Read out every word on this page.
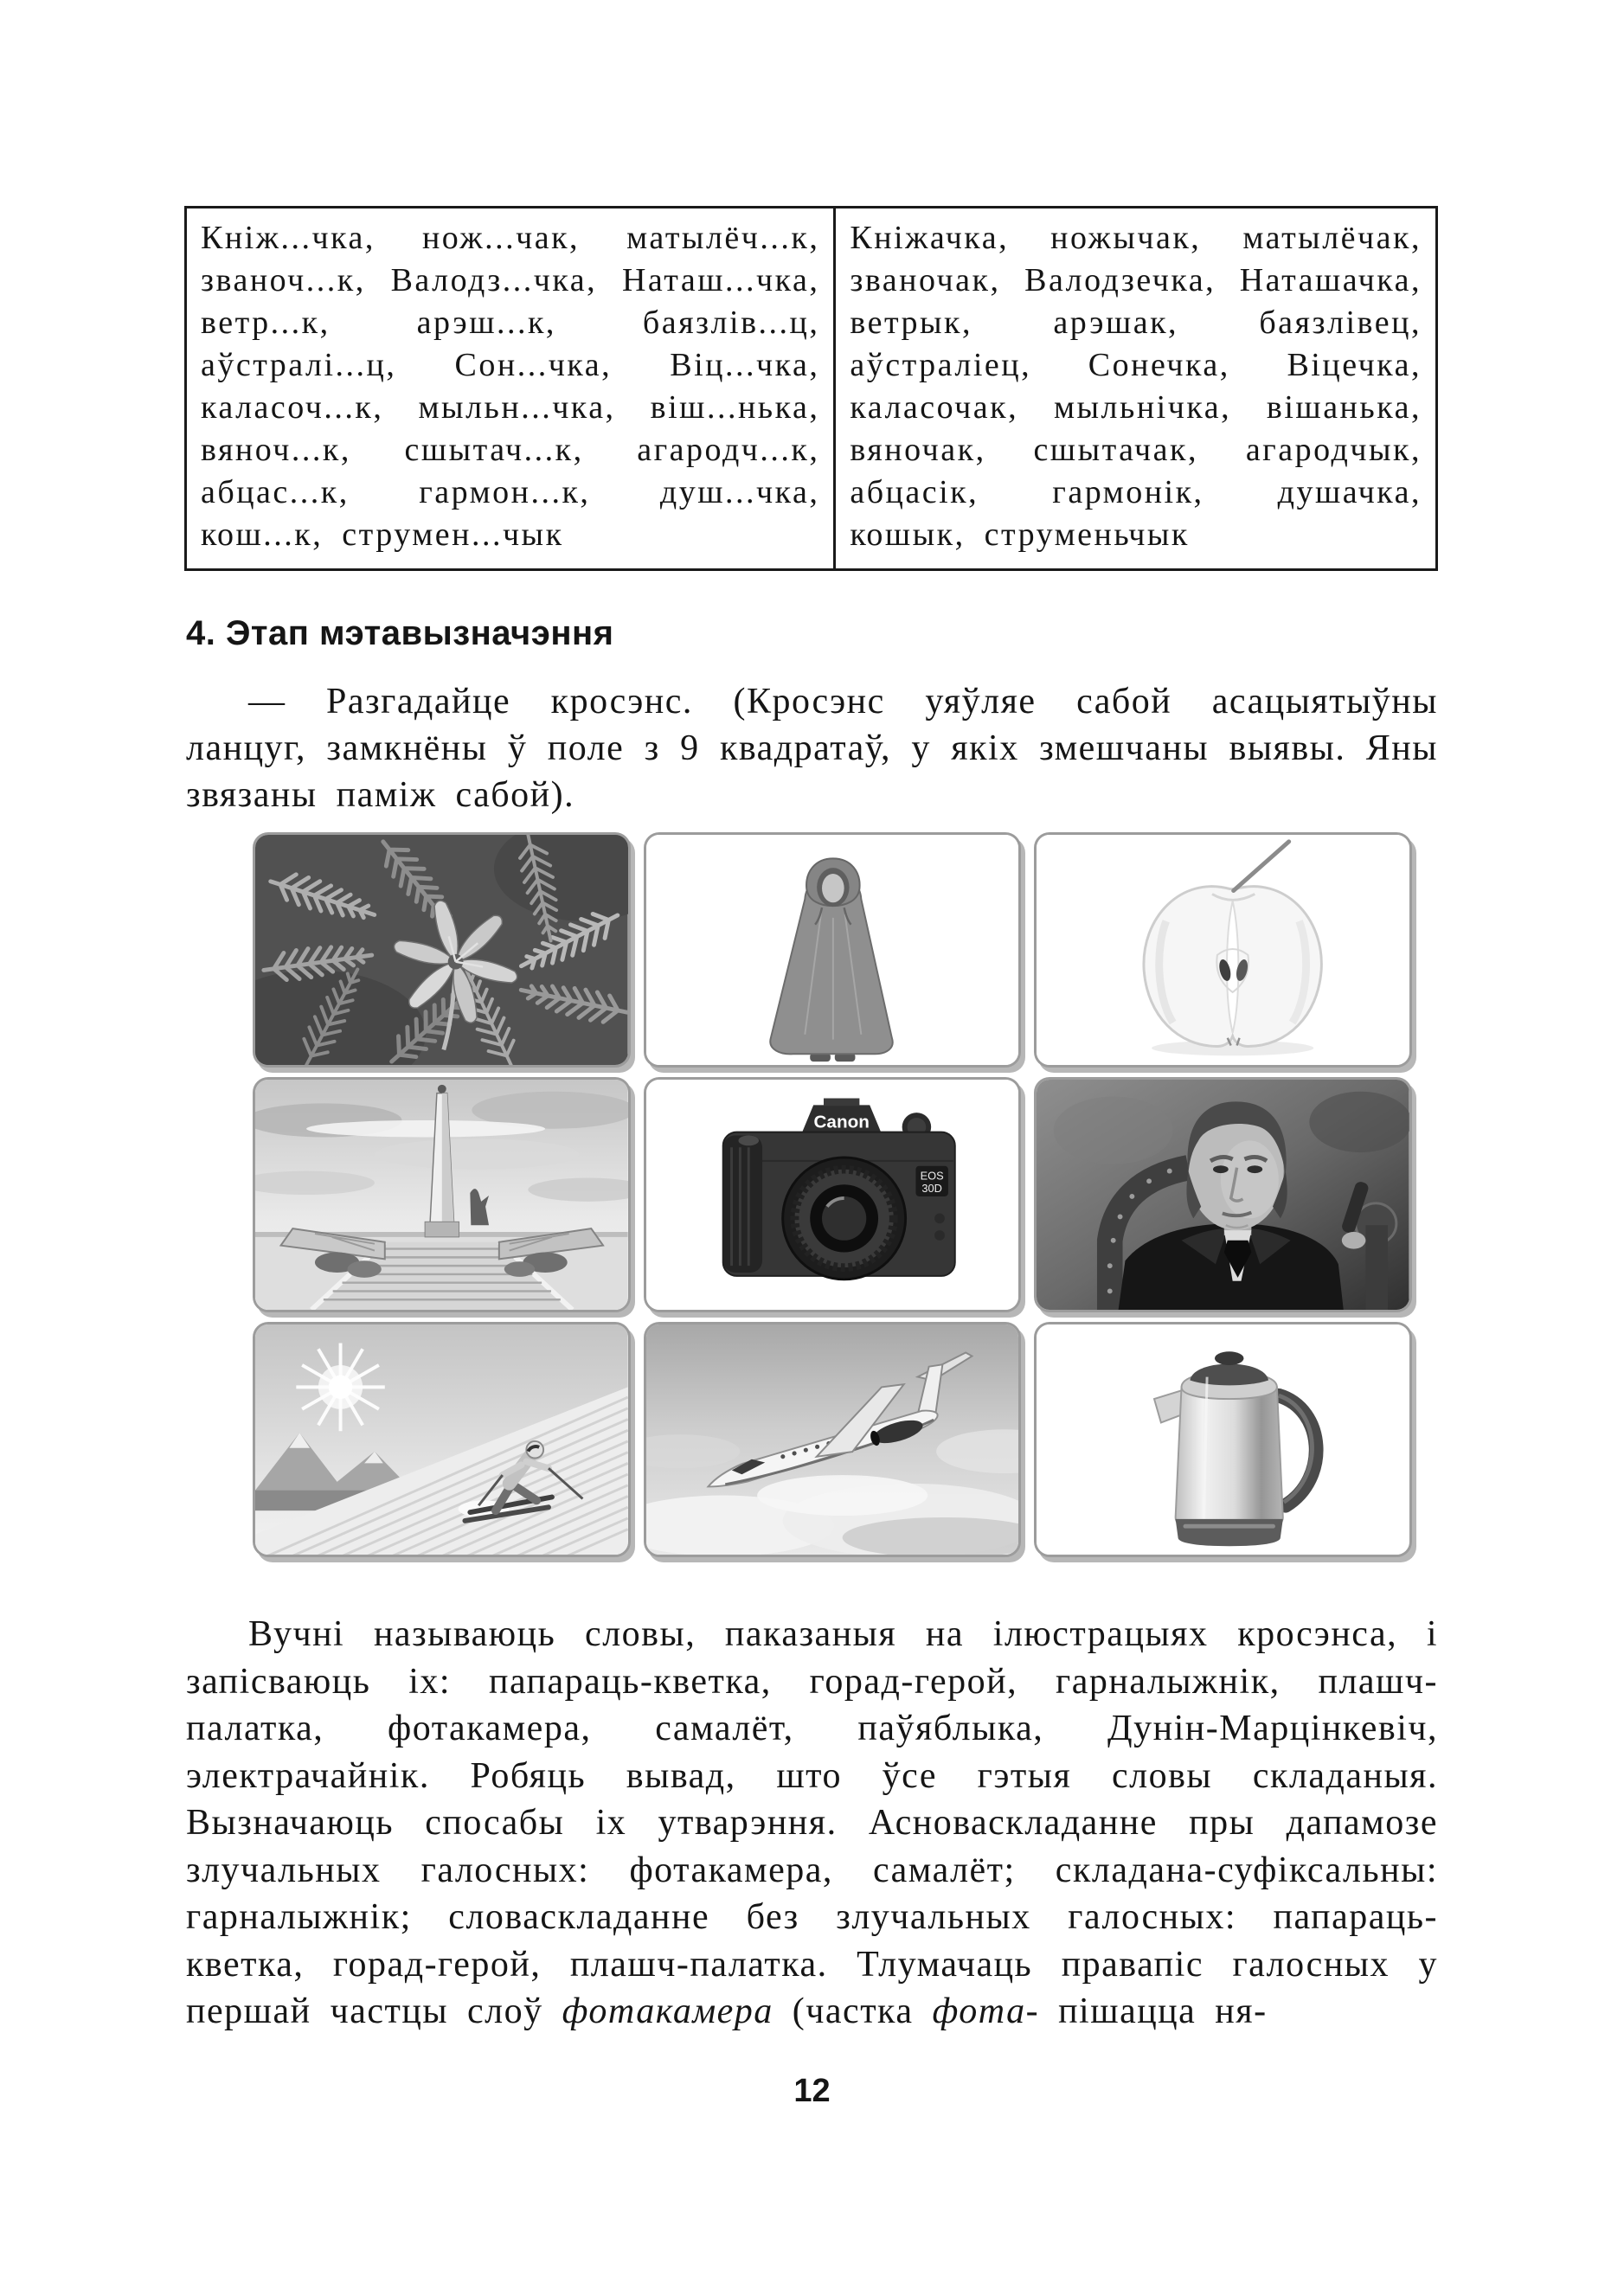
Кніж...чка, нож...чак, матылёч...к, званоч...к, Валодз...чка, Наташ...чка, ветр...к, арэш...к, баязлів...ц, аўстралі...ц, Сон...чка, Віц...чка, каласоч...к, мыльн...чка, віш...нька, вяноч...к, сшытач...к, агародч...к, абцас...к, гармон...к, душ...чка, кош...к, струмен...чык
Кніжачка, ножычак, матылёчак, званочак, Валодзечка, Наташачка, ветрык, арэшак, баязлівец, аўстраліец, Сонечка, Віцечка, каласочак, мыльнічка, вішанька, вяночак, сшытачак, агародчык, абцасік, гармонік, душачка, кошык, струменьчык
4. Этап мэтавызначэння
— Разгадайце кросэнс. (Кросэнс уяўляе сабой асацыятыўны ланцуг, замкнёны ў поле з 9 квадратаў, у якіх змешчаны выявы. Яны звязаны паміж сабой).
Canon
EOS
30D
Вучні называюць словы, паказаныя на ілюстрацыях кросэнса, і запісваюць іх: папараць-кветка, горад-герой, гарналыжнік, плашч-палатка, фотакамера, самалёт, паўяблыка, Дунін-Марцінкевіч, электрачайнік. Робяць вывад, што ўсе гэтыя словы складаныя. Вызначаюць спосабы іх утварэння. Асноваскладанне пры дапамозе злучальных галосных: фотакамера, самалёт; складана-суфіксальны: гарналыжнік; словаскладанне без злучальных галосных: папараць-кветка, горад-герой, плашч-палатка. Тлумачаць правапіс галосных у першай частцы слоў фотакамера (частка фота- пішацца ня-
12
